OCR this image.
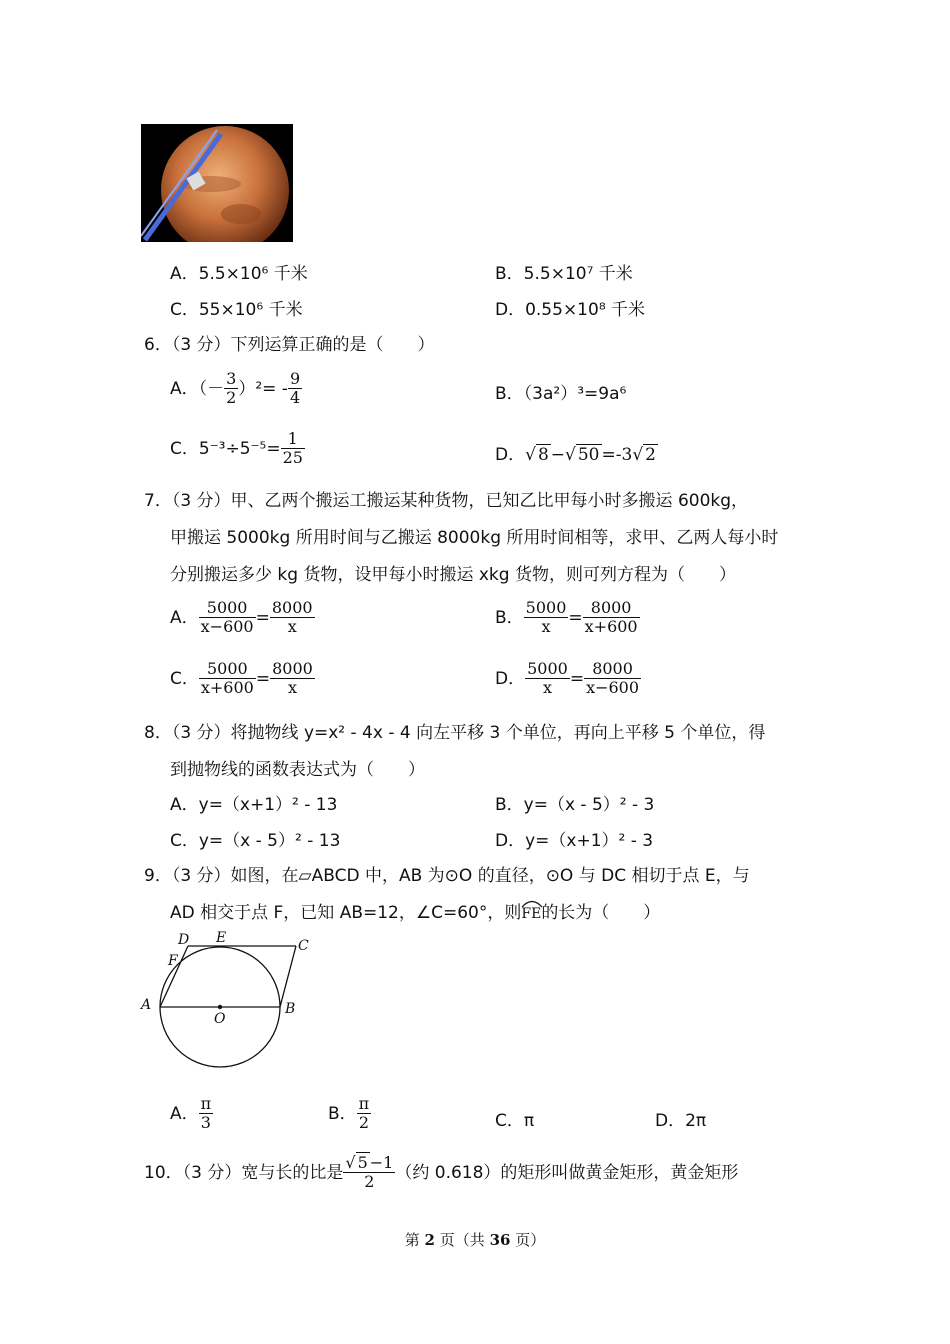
A．5.5×10⁶ 千米	B．5.5×10⁷ 千米
C．55×10⁶ 千米	D．0.55×10⁸ 千米
6．（3 分）下列运算正确的是（　　）
A．（－ $\frac{3}{2} )^2= - \frac{9}{4}$	B．（3a²）³=9a⁶
C．$5^{-3}\div 5^{-5}= \frac{1}{25}$	D．√ 8 −√ 50 =-3√ 2
7．（3 分）甲、乙两个搬运工搬运某种货物，已知乙比甲每小时多搬运 600kg，
甲搬运 5000kg 所用时间与乙搬运 8000kg 所用时间相等，求甲、乙两人每小时
分别搬运多少 kg 货物，设甲每小时搬运 xkg 货物，则可列方程为（　　）
A． $\frac{5000}{x-600} = \frac{8000}{x}$	B． $\frac{5000}{x} = \frac{8000}{x+600}$
C． $\frac{5000}{x+600} = \frac{8000}{x}$	D． $\frac{5000}{x} = \frac{8000}{x-600}$
8．（3 分）将抛物线 y=x² - 4x - 4 向左平移 3 个单位，再向上平移 5 个单位，得
到抛物线的函数表达式为（　　）
A．y=（x+1）² - 13	B．y=（x - 5）² - 3
C．y=（x - 5）² - 13	D．y=（x+1）² - 3
9．（3 分）如图，在▱ABCD 中，AB 为⊙O 的直径，⊙O 与 DC 相切于点 E，与
AD 相交于点 F，已知 AB=12，∠C=60°，则
FE的长为（　　）
D E	C
F
A
O
B
A． $\frac{\pi}{3}$	B． $\frac{\pi}{2}$	C．π	D．2π
10．（3 分）宽与长的比是 $\frac{√ 5 -1}{2}$ （约 0.618）的矩形叫做黄金矩形，黄金矩形
第 2 页（共 36 页）
